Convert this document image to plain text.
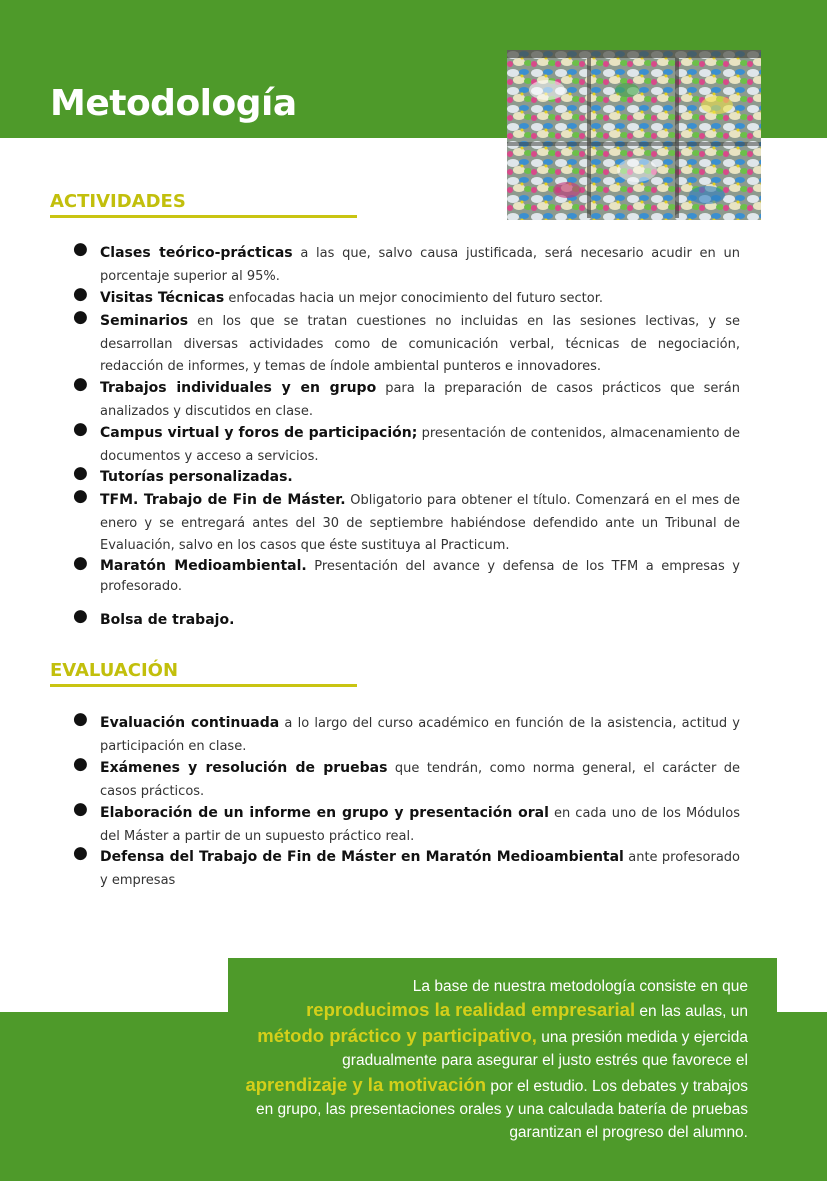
Metodología
ACTIVIDADES
● Clases teórico-prácticas a las que, salvo causa justificada, será necesario acudir en un porcentaje superior al 95%.

● Visitas Técnicas enfocadas hacia un mejor conocimiento del futuro sector.

● Seminarios en los que se tratan cuestiones no incluidas en las sesiones lectivas, y se desarrollan diversas actividades como de comunicación verbal, técnicas de negociación, redacción de informes, y temas de índole ambiental punteros e innovadores.

● Trabajos individuales y en grupo para la preparación de casos prácticos que serán analizados y discutidos en clase.

● Campus virtual y foros de participación; presentación de contenidos, almacenamiento de documentos y acceso a servicios.

● Tutorías personalizadas.

● TFM. Trabajo de Fin de Máster. Obligatorio para obtener el título. Comenzará en el mes de enero y se entregará antes del 30 de septiembre habiéndose defendido ante un Tribunal de Evaluación, salvo en los casos que éste sustituya al Practicum.

● Maratón Medioambiental. Presentación del avance y defensa de los TFM a empresas y profesorado.

● Bolsa de trabajo.

EVALUACIÓN
● Evaluación continuada a lo largo del curso académico en función de la asistencia, actitud y participación en clase.

● Exámenes y resolución de pruebas que tendrán, como norma general, el carácter de casos prácticos.

● Elaboración de un informe en grupo y presentación oral en cada uno de los Módulos del Máster a partir de un supuesto práctico real.

● Defensa del Trabajo de Fin de Máster en Maratón Medioambiental ante profesorado y empresas

La base de nuestra metodología consiste en que
reproducimos la realidad empresarial en las aulas, un
método práctico y participativo, una presión medida y ejercida gradualmente para asegurar el justo estrés que favorece el aprendizaje y la motivación por el estudio. Los debates y trabajos en grupo, las presentaciones orales y una calculada batería de pruebas garantizan el progreso del alumno.
